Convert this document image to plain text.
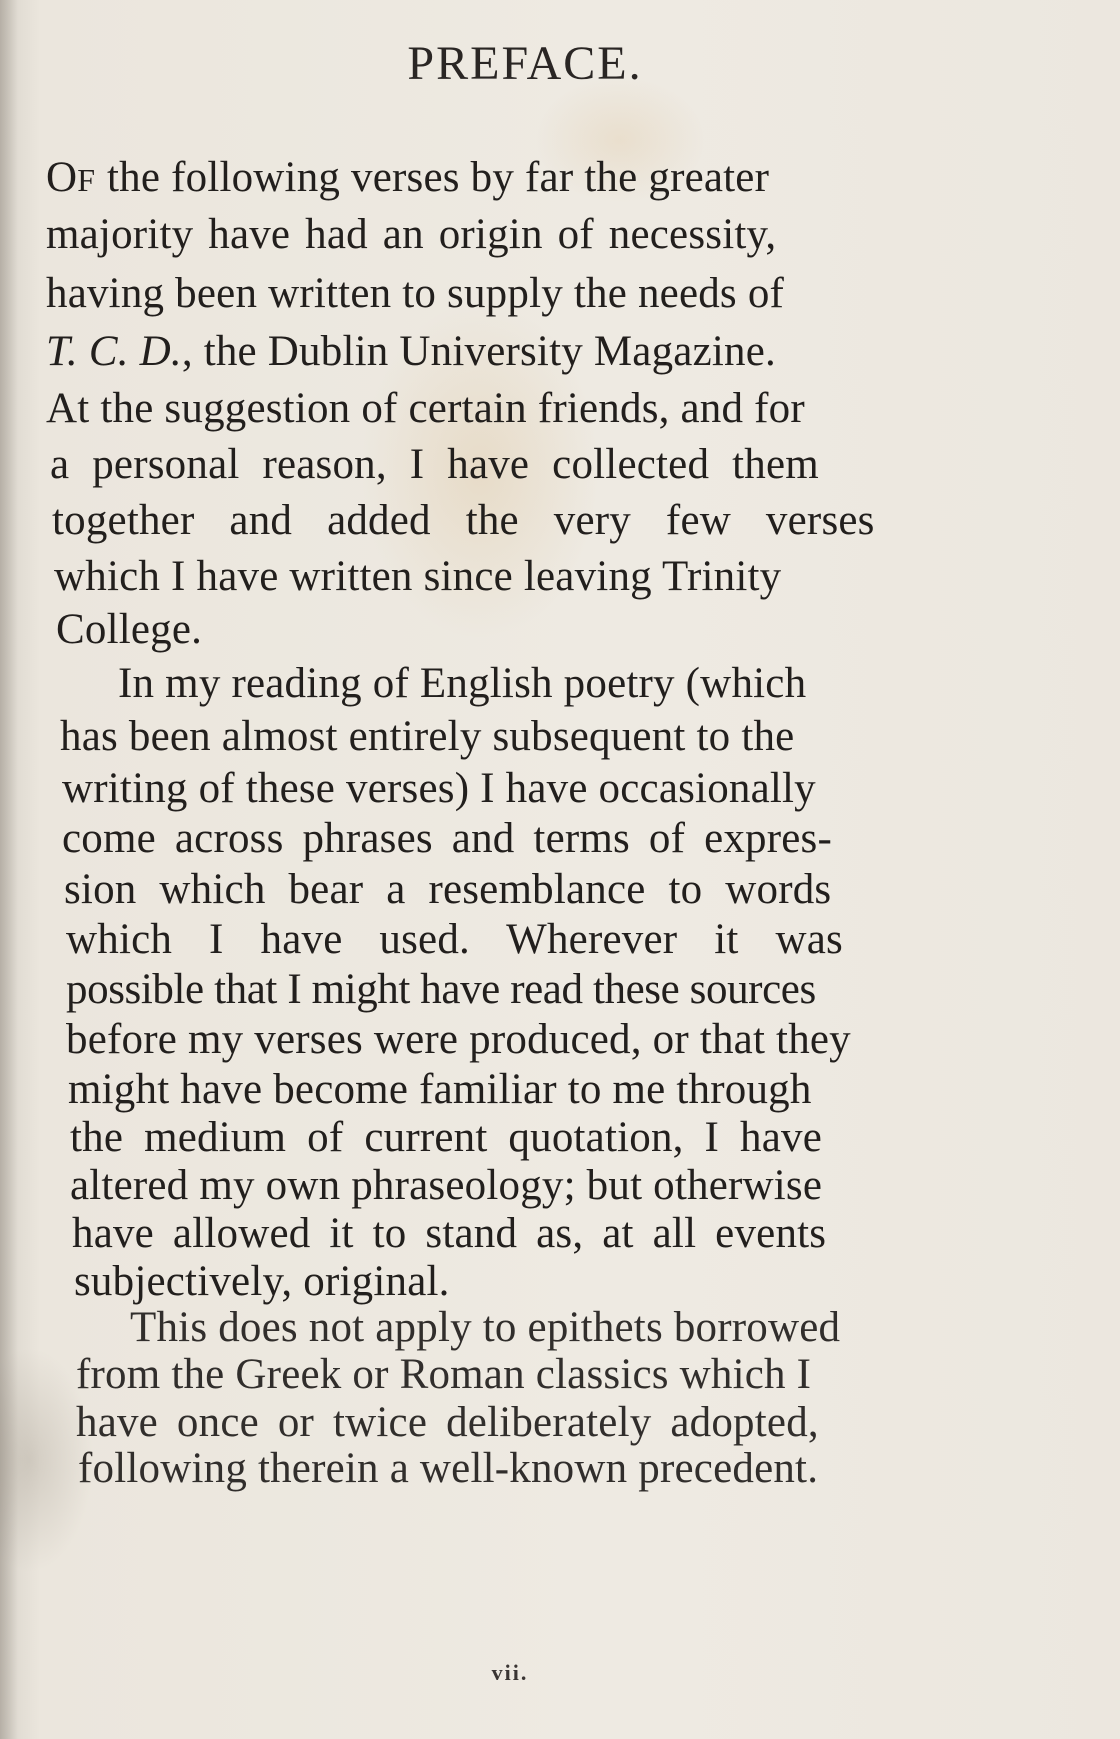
PREFACE.
OF the following verses by far the greater
majority have had an origin of necessity,
having been written to supply the needs of
T. C. D., the Dublin University Magazine.
At the suggestion of certain friends, and for
a personal reason, I have collected them
together and added the very few verses
which I have written since leaving Trinity
College.
In my reading of English poetry (which
has been almost entirely subsequent to the
writing of these verses) I have occasionally
come across phrases and terms of expres-
sion which bear a resemblance to words
which I have used. Wherever it was
possible that I might have read these sources
before my verses were produced, or that they
might have become familiar to me through
the medium of current quotation, I have
altered my own phraseology; but otherwise
have allowed it to stand as, at all events
subjectively, original.
This does not apply to epithets borrowed
from the Greek or Roman classics which I
have once or twice deliberately adopted,
following therein a well-known precedent.
vii.
